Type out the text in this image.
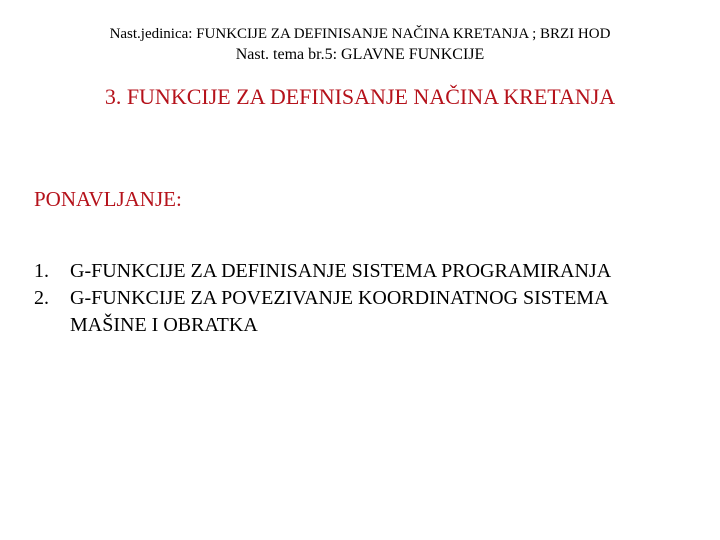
Nast.jedinica: FUNKCIJE ZA DEFINISANJE NAČINA KRETANJA ; BRZI HOD
Nast. tema br.5: GLAVNE FUNKCIJE
3. FUNKCIJE ZA DEFINISANJE NAČINA KRETANJA
PONAVLJANJE:
1. G-FUNKCIJE ZA DEFINISANJE SISTEMA PROGRAMIRANJA
2. G-FUNKCIJE ZA POVEZIVANJE KOORDINATNOG SISTEMA MAŠINE I OBRATKA
